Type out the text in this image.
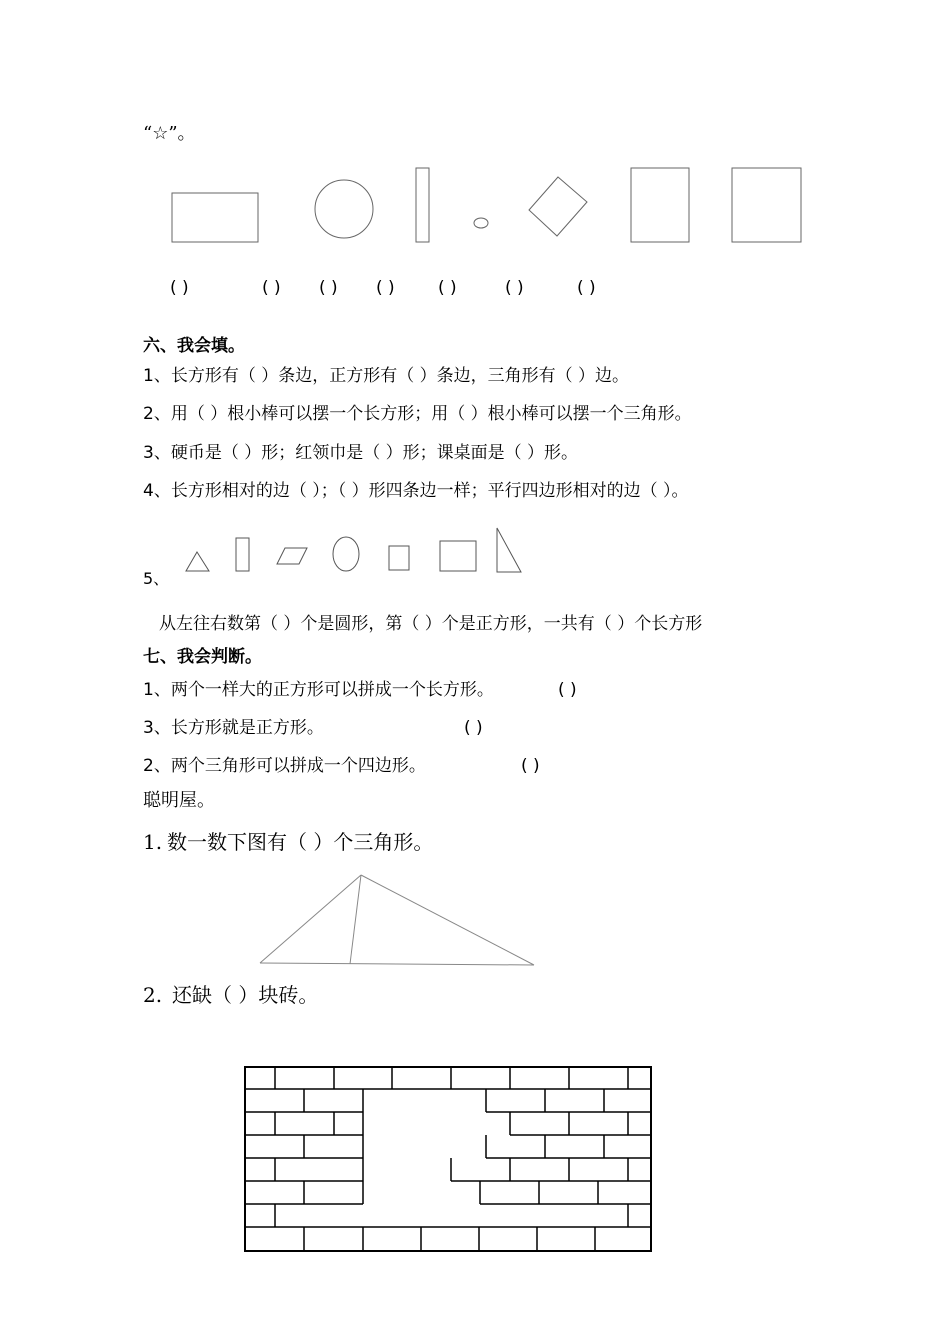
“☆”。
( )	( ) ( ) ( )	( )	( )	( )
六、我会填。
1、长方形有（ ）条边，正方形有（ ）条边，三角形有（ ）边。
2、用（ ）根小棒可以摆一个长方形；用（ ）根小棒可以摆一个三角形。
3、硬币是（ ）形；红领巾是（ ）形；课桌面是（ ）形。
4、长方形相对的边（ ）；（ ）形四条边一样；平行四边形相对的边（ ）。
5、
从左往右数第（ ）个是圆形，第（ ）个是正方形，一共有（ ）个长方形
七、我会判断。
1、两个一样大的正方形可以拼成一个长方形。	( )
3、长方形就是正方形。	( )
2、两个三角形可以拼成一个四边形。	( )
聪明屋。
1. 数一数下图有（ ）个三角形。
2. 还缺（ ）块砖。
